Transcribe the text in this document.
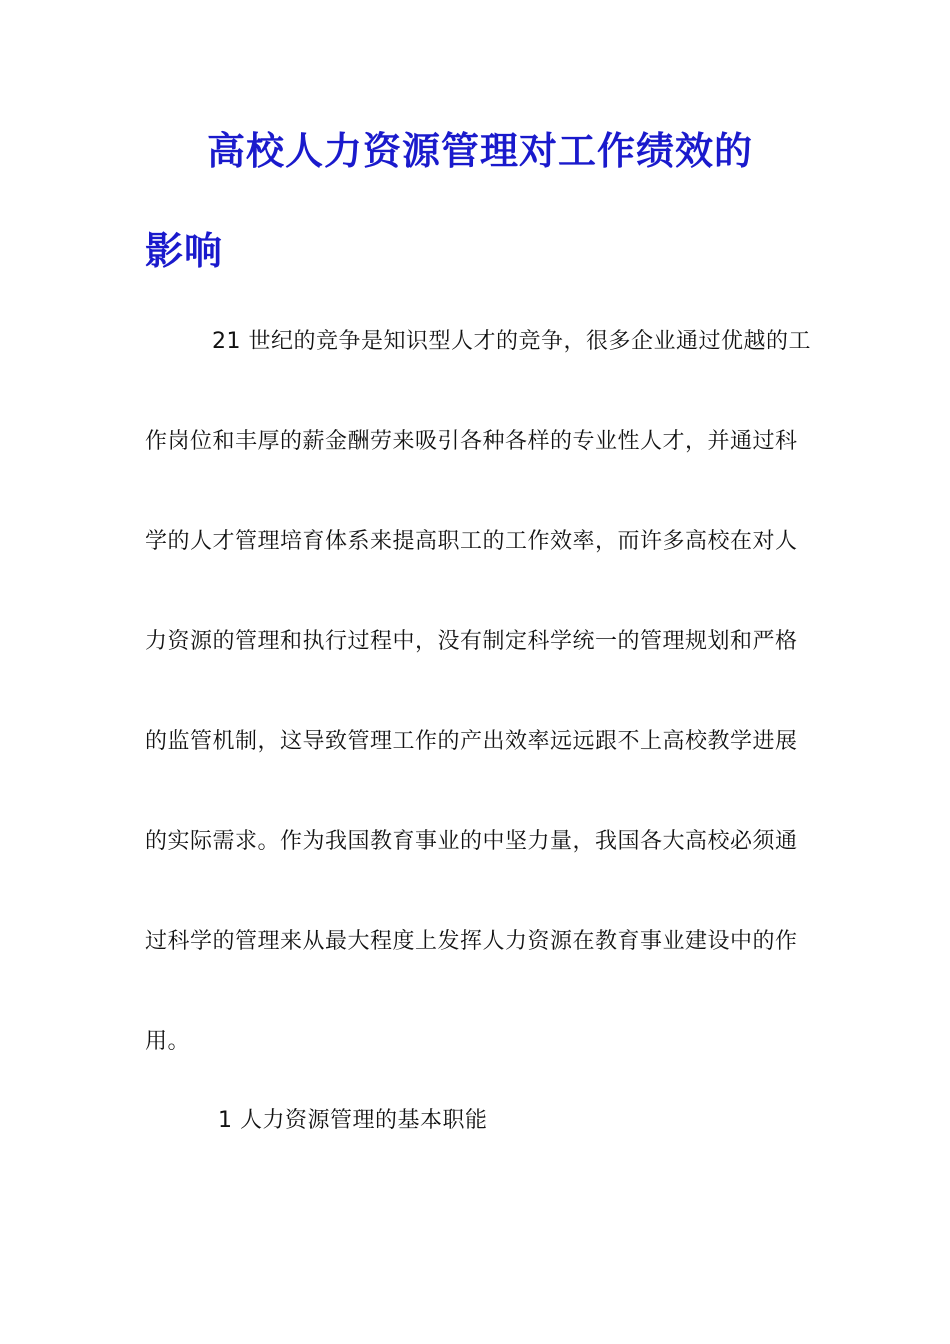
高校人力资源管理对工作绩效的
影响
21 世纪的竞争是知识型人才的竞争，很多企业通过优越的工
作岗位和丰厚的薪金酬劳来吸引各种各样的专业性人才，并通过科
学的人才管理培育体系来提高职工的工作效率，而许多高校在对人
力资源的管理和执行过程中，没有制定科学统一的管理规划和严格
的监管机制，这导致管理工作的产出效率远远跟不上高校教学进展
的实际需求。作为我国教育事业的中坚力量，我国各大高校必须通
过科学的管理来从最大程度上发挥人力资源在教育事业建设中的作
用。
1 人力资源管理的基本职能
